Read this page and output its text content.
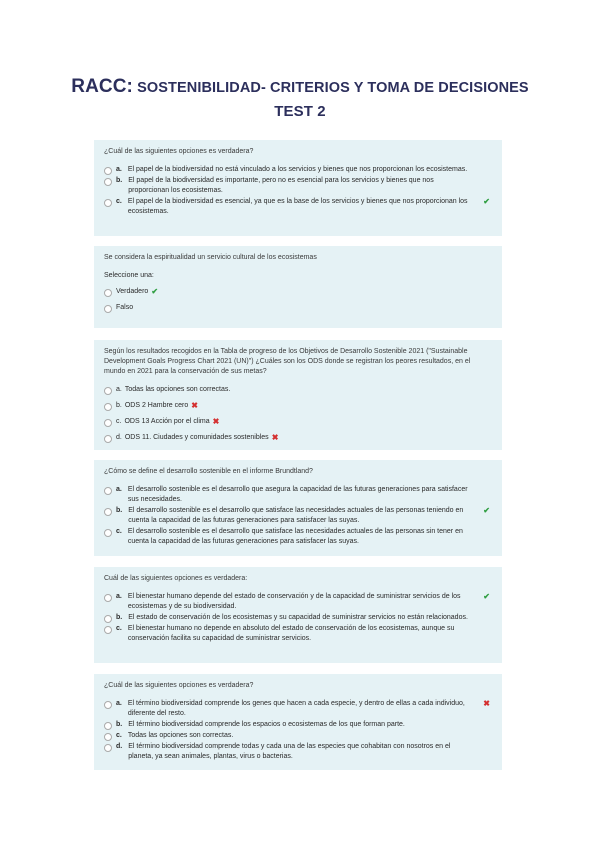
RACC: SOSTENIBILIDAD- CRITERIOS Y TOMA DE DECISIONES
TEST 2
¿Cuál de las siguientes opciones es verdadera?
a. El papel de la biodiversidad no está vinculado a los servicios y bienes que nos proporcionan los ecosistemas.
b. El papel de la biodiversidad es importante, pero no es esencial para los servicios y bienes que nos proporcionan los ecosistemas.
c. El papel de la biodiversidad es esencial, ya que es la base de los servicios y bienes que nos proporcionan los ecosistemas.
✔
Se considera la espiritualidad un servicio cultural de los ecosistemas
Seleccione una:
Verdadero ✔
Falso
Según los resultados recogidos en la Tabla de progreso de los Objetivos de Desarrollo Sostenible 2021 ("Sustainable Development Goals Progress Chart 2021 (UN)") ¿Cuáles son los ODS donde se registran los peores resultados, en el mundo en 2021 para la conservación de sus metas?
a. Todas las opciones son correctas.
b. ODS 2 Hambre cero ✖
c. ODS 13 Acción por el clima ✖
d. ODS 11. Ciudades y comunidades sostenibles ✖
¿Cómo se define el desarrollo sostenible en el informe Brundtland?
a. El desarrollo sostenible es el desarrollo que asegura la capacidad de las futuras generaciones para satisfacer sus necesidades.
b. El desarrollo sostenible es el desarrollo que satisface las necesidades actuales de las personas teniendo en cuenta la capacidad de las futuras generaciones para satisfacer las suyas.
✔
c. El desarrollo sostenible es el desarrollo que satisface las necesidades actuales de las personas sin tener en cuenta la capacidad de las futuras generaciones para satisfacer las suyas.
Cuál de las siguientes opciones es verdadera:
a. El bienestar humano depende del estado de conservación y de la capacidad de suministrar servicios de los ecosistemas y de su biodiversidad.
✔
b. El estado de conservación de los ecosistemas y su capacidad de suministrar servicios no están relacionados.
c. El bienestar humano no depende en absoluto del estado de conservación de los ecosistemas, aunque su conservación facilita su capacidad de suministrar servicios.
¿Cuál de las siguientes opciones es verdadera?
a. El término biodiversidad comprende los genes que hacen a cada especie, y dentro de ellas a cada individuo, diferente del resto.
✖
b. El término biodiversidad comprende los espacios o ecosistemas de los que forman parte.
c. Todas las opciones son correctas.
d. El término biodiversidad comprende todas y cada una de las especies que cohabitan con nosotros en el planeta, ya sean animales, plantas, virus o bacterias.
